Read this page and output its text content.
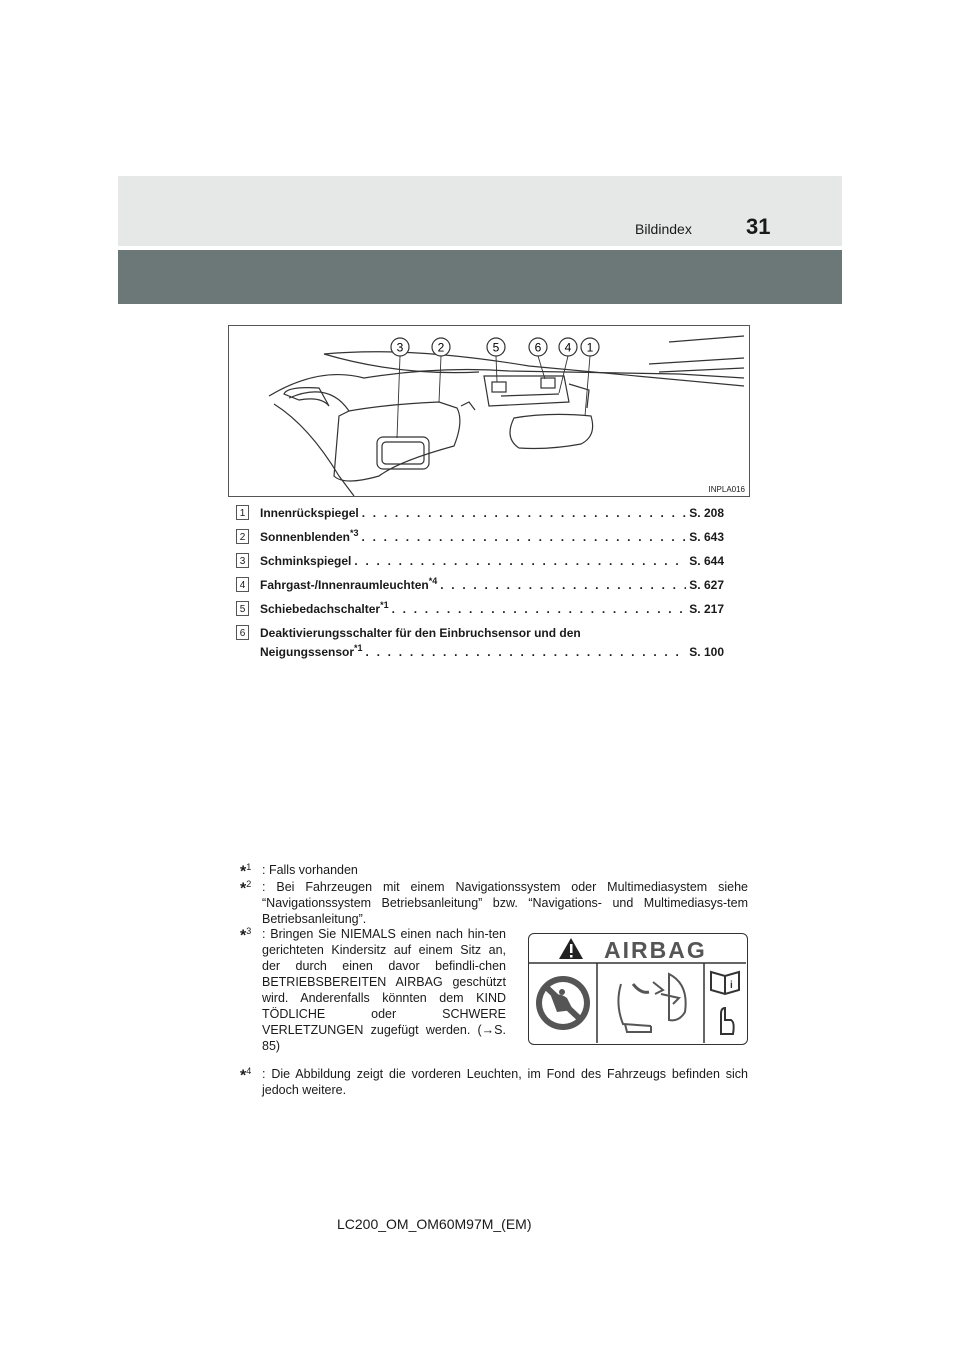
31
Bildindex
3	2	5	6 4 1
INPLA016
1	Innenrückspiegel . . .	S. 208
2	Sonnenblenden$^{*3}$ . . .	S. 643
3	Schminkspiegel . . .	S. 644
4	Fahrgast-/Innenraumleuchten$^{*4}$ . . .	S. 627
5	Schiebedachschalter$^{*1}$ . . .	S. 217
6	Deaktivierungsschalter für den Einbruchsensor und den
Neigungssensor$^{*1}$ . . .	S. 100
*$^1$ : Falls vorhanden
*$^2$ : Bei Fahrzeugen mit einem Navigationssystem oder Multimediasystem siehe “Navigationssystem Betriebsanleitung” bzw. “Navigations- und Multimediasys-tem Betriebsanleitung”.
*$^3$ : Bringen Sie NIEMALS einen nach hin-ten gerichteten Kindersitz auf einem Sitz an, der durch einen davor befindli-chen BETRIEBSBEREITEN AIRBAG geschützt wird. Anderenfalls könnten dem KIND TÖDLICHE oder SCHWERE VERLETZUNGEN zugefügt werden. (→S. 85)
*$^4$ : Die Abbildung zeigt die vorderen Leuchten, im Fond des Fahrzeugs befinden sich jedoch weitere.
AIRBAG
i
LC200_OM_OM60M97M_(EM)
